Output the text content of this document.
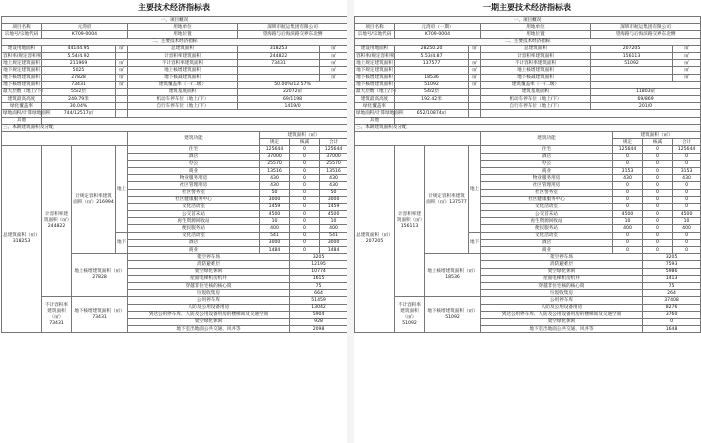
主要技术经济指标表
一、项目概况								
项目名称	元湾府			用地单位	深圳市航运集团有限公司			
宗地号/宗地代码	K709-0004			用地位置	望海路与后海滨路交界东北侧			
二、主要技术经济指标								
建设用地面积	44144.95		㎡	总建筑面积	318253			㎡
容积率/规定容积率	5.54/4.92			计容积率建筑面积	244822			㎡
地上规定建筑面积	211969		㎡	不计容积率建筑面积	73431			㎡
地下规定建筑面积	5025		㎡	地上核增建筑面积				㎡
地下核增建筑面积	27828		㎡	地下核减建筑面积				㎡
地下核增建筑面积	73431		㎡	建筑覆盖率（一/二级）	50.00%/12.57%			
最大层数（地上/下）	55/2层			建筑基底面积	22072㎡			
建筑最高高度	249.79米			机动车停车位（地上/下）	69/1198			
绿化覆盖率	30.04%			自行车停车位（地上/下）	1419/0			
绿地面积/计算绿地面积	744/12517㎡							
其他								
三、本期建筑面积及分配								
				建筑功能		建筑面积（㎡）		
						规定	核减	合计
总建筑面积（㎡）318253	计容积率建筑面积（㎡）244822	计规定容积率建筑面积（㎡）216994	地上	住宅		125644	0	125644
				酒店		37000	0	37000
				办公		25570	0	25570
				商业		13516	0	13516
				物业服务用房		430	0	430
				社区管理用房		430	0	430
				社区警务室		50	0	50
				社区健康服务中心		3000	0	3000
				文化活动室		1459	0	1459
				公交首末站		4500	0	4500
				再生资源回收站		10	0	10
				便民服务站		400	0	400
			地下	文化活动室		541	0	541
				酒店		3000	0	3000
				商业		1484	0	1484
		地上核增建筑面积（㎡）27828		架空停车场			3205	
				消防避难层			12195	
				架空绿化休闲			10774	
				屋面电梯机房机井			1615	
				穿越非住宅核的核心筒			75	
				垃圾收集房			664	
	不计容积率建筑面积（㎡）73431	地下核增建筑面积（㎡）73431		公用停车库			51459	
				人防及公用设备用房			13042	
				到达公用停车库、人防及公用设备用房的楼梯间及交通空间			5904	
				架空绿化休闲			928	
				地下室出地面公共交通、风井等			2098	
一期主要技术经济指标表
一、项目概况								
项目名称	元湾府（一期）			用地单位	深圳市航运集团有限公司			
宗地号/宗地代码	K709-0004			用地位置	望海路与后海滨路交界东北侧			
二、主要技术经济指标								
建设用地面积	28250.20		㎡	总建筑面积	207205			㎡
容积率/规定容积率	5.53/4.87			计容积率建筑面积	156113			㎡
地上规定建筑面积	137577		㎡	不计容积率建筑面积	51092			㎡
地下规定建筑面积			㎡	地上核增建筑面积				㎡
地下核增建筑面积	18536		㎡	地下核减建筑面积				㎡
地下核增建筑面积	51092		㎡	建筑覆盖率（一/二级）				
最大层数（地上/下）	54/2层			建筑基底面积	11803㎡			
建筑最高高度	192.42米			机动车停车位（地上/下）	69/869			
绿化覆盖率				自行车停车位（地上/下）	201/0			
绿地面积/计算绿地面积	652/10874㎡							
其他								
三、本期建筑面积及分配								
				建筑功能		建筑面积（㎡）		
						规定	核减	合计
总建筑面积（㎡）207205	计容积率建筑面积（㎡）156113	计规定容积率建筑面积（㎡）137577	地上	住宅		125644	0	125644
				酒店		0	0	0
				办公		0	0	0
				商业		3153	0	3153
				物业服务用房		430	0	430
				社区管理用房		0	0	0
				社区警务室		0	0	0
				社区健康服务中心		0	0	0
				文化活动室		0	0	0
				公交首末站		4500	0	4500
				再生资源回收站		10	0	10
				便民服务站		400	0	400
			地下	文化活动室		0	0	0
				酒店		0	0	0
				商业		0	0	0
		地上核增建筑面积（㎡）18536		架空停车场			3205	
				消防避难层			7593	
				架空绿化休闲			5986	
				屋面电梯机房机井			1413	
				穿越非住宅核的核心筒			75	
				垃圾收集房			264	
	不计容积率建筑面积（㎡）51092	地下核增建筑面积（㎡）51092		公用停车库			37408	
				人防及公用设备用房			8276	
				到达公用停车库、人防及公用设备用房的楼梯间及交通空间			3760	
				架空绿化休闲			0	
				地下室出地面公共交通、风井等			1648	
